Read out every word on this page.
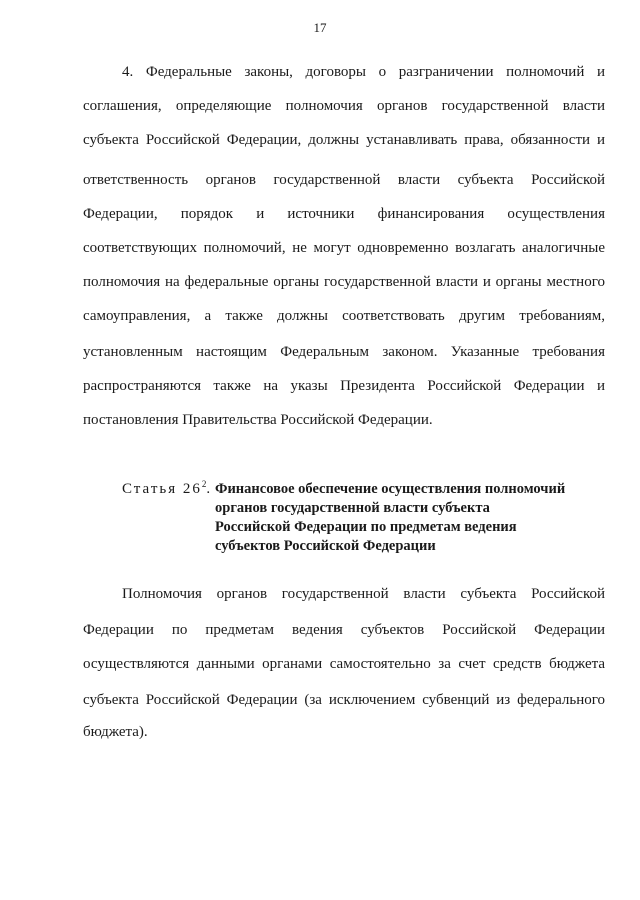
17
4. Федеральные законы, договоры о разграничении полномочий и
соглашения, определяющие полномочия органов государственной власти
субъекта Российской Федерации, должны устанавливать права, обязанности и
ответственность органов государственной власти субъекта Российской
Федерации, порядок и источники финансирования осуществления
соответствующих полномочий, не могут одновременно возлагать аналогичные
полномочия на федеральные органы государственной власти и органы местного
самоуправления, а также должны соответствовать другим требованиям,
установленным настоящим Федеральным законом. Указанные требования
распространяются также на указы Президента Российской Федерации и
постановления Правительства Российской Федерации.
Статья $26^2$. Финансовое обеспечение осуществления полномочий
органов государственной власти субъекта
Российской Федерации по предметам ведения
субъектов Российской Федерации
Полномочия органов государственной власти субъекта Российской
Федерации по предметам ведения субъектов Российской Федерации
осуществляются данными органами самостоятельно за счет средств бюджета
субъекта Российской Федерации (за исключением субвенций из федерального
бюджета).
